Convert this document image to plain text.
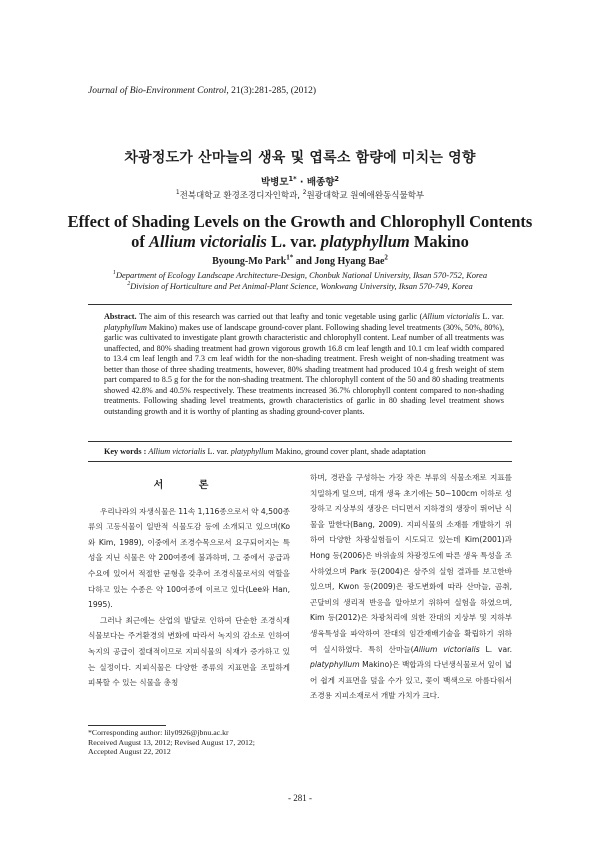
Journal of Bio-Environment Control, 21(3):281-285, (2012)
차광정도가 산마늘의 생육 및 엽록소 함량에 미치는 영향
박병모$^{1*}$ · 배종향$^2$
$^1$전북대학교 환경조경디자인학과, $^2$원광대학교 원예애완동식물학부
Effect of Shading Levels on the Growth and Chlorophyll Contents
of Allium victorialis L. var. platyphyllum Makino
Byoung-Mo Park$^{1*}$ and Jong Hyang Bae$^2$
$^1$Department of Ecology Landscape Architecture-Design, Chonbuk National University, Iksan 570-752, Korea
$^2$Division of Horticulture and Pet Animal-Plant Science, Wonkwang University, Iksan 570-749, Korea
Abstract. The aim of this research was carried out that leafty and tonic vegetable using garlic (Allium victorialis L. var. platyphyllum Makino) makes use of landscape ground-cover plant. Following shading level treatments (30%, 50%, 80%), garlic was cultivated to investigate plant growth characteristic and chlorophyll content. Leaf number of all treatments was unaffected, and 80% shading treatment had grown vigorous growth 16.8 cm leaf length and 10.1 cm leaf width compared to 13.4 cm leaf length and 7.3 cm leaf width for the non-shading treatment. Fresh weight of non-shading treatment was better than those of three shading treatments, however, 80% shading treatment had produced 10.4 g fresh weight of stem part compared to 8.5 g for the for the non-shading treatment. The chlorophyll content of the 50 and 80 shading treatments showed 42.8% and 40.5% respectively. These treatments increased 36.7% chlorophyll content compared to non-shading treatments. Following shading level treatments, growth characteristics of garlic in 80 shading level treatment shows outstanding growth and it is worthy of planting as shading ground-cover plants.
Key words : Allium victorialis L. var. platyphyllum Makino, ground cover plant, shade adaptation
서 론

우리나라의 자생식물은 11속 1,116종으로서 약 4,500종류의 고등식물이 일반적 식물도감 등에 소개되고 있으며(Ko와 Kim, 1989), 이중에서 조경수목으로서 요구되어지는 특성을 지닌 식물은 약 200여종에 불과하며, 그 중에서 공급과 수요에 있어서 적절한 균형을 갖추어 조경식물로서의 역할을 다하고 있는 수종은 약 100여종에 이르고 있다(Lee와 Han, 1995).

그러나 최근에는 산업의 발달로 인하여 단순한 조경식재 식물보다는 주거환경의 변화에 따라서 녹지의 감소로 인하여 녹지의 공급이 절대적이므로 지피식물의 식재가 증가하고 있는 실정이다. 지피식물은 다양한 종류의 지표면을 조밀하게 피복할 수 있는 식물을 총칭

하며, 경관을 구성하는 가장 작은 부류의 식물소재로 지표를 치밀하게 덮으며, 대개 생육 초기에는 50~100cm 이하로 성장하고 지상부의 생장은 더디면서 지하경의 생장이 뛰어난 식물을 말한다(Bang, 2009). 지피식물의 소재를 개발하기 위하여 다양한 차광실험들이 시도되고 있는데 Kim(2001)과 Hong 등(2006)은 바위솔의 차광정도에 따른 생육 특성을 조사하였으며 Park 등(2004)은 삼주의 실험 결과를 보고한바 있으며, Kwon 등(2009)은 광도변화에 따라 산마늘, 곰취, 곤달비의 생리적 반응을 알아보기 위하여 실험을 하였으며, Kim 등(2012)은 차광처리에 의한 잔대의 지상부 및 지하부 생육특성을 파악하여 잔대의 임간재배기술을 확립하기 위하여 실시하였다. 특히 산마늘(Allium victorialis L. var. platyphyllum Makino)은 백합과의 다년생식물로서 잎이 넓어 쉽게 지표면을 덮을 수가 있고, 꽃이 백색으로 아름다워서 조경용 지피소재로서 개발 가치가 크다.

*Corresponding author: lily0926@jbnu.ac.kr
Received August 13, 2012; Revised August 17, 2012;
Accepted August 22, 2012
- 281 -
